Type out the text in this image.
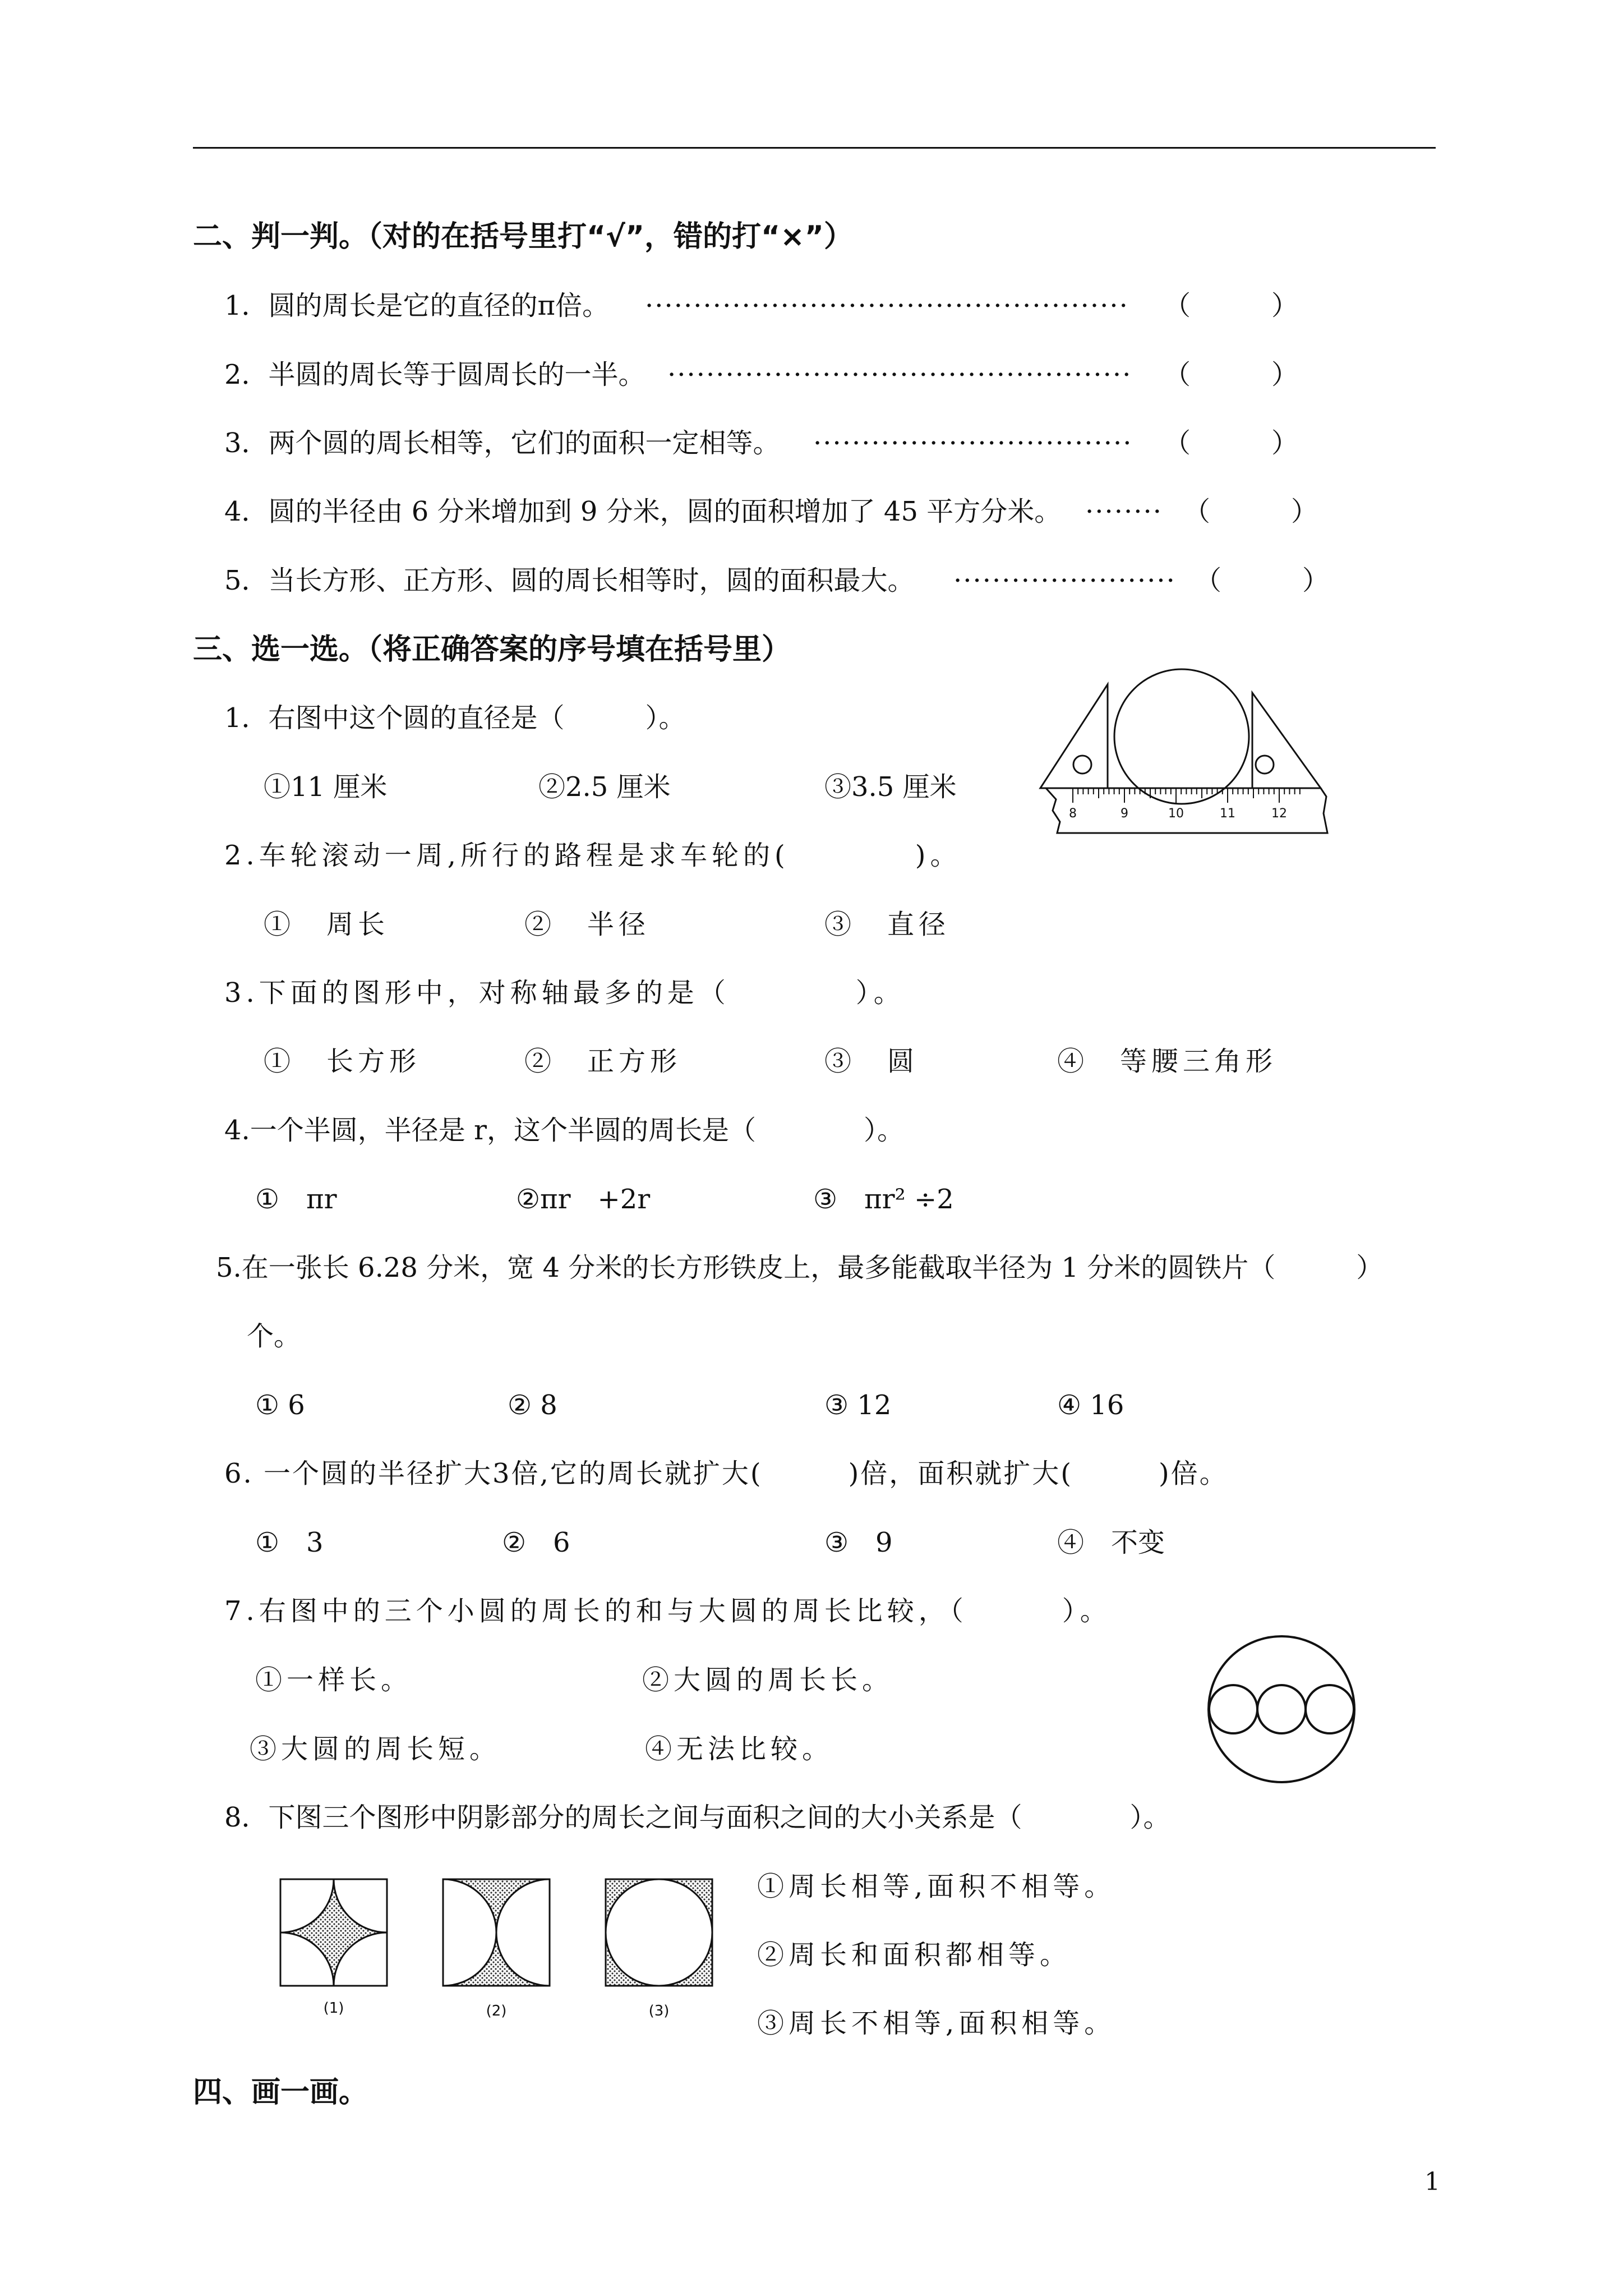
二、判一判。（对的在括号里打“√”，错的打“×”）
1．圆的周长是它的直径的π倍。 ·················································· （　　　）
2．半圆的周长等于圆周长的一半。 ················································ （　　　）
3．两个圆的周长相等，它们的面积一定相等。 ································· （　　　）
4．圆的半径由 6 分米增加到 9 分米，圆的面积增加了 45 平方分米。 ········ （　　　）
5．当长方形、正方形、圆的周长相等时，圆的面积最大。 ······················· （　　　）
三、选一选。（将正确答案的序号填在括号里）
1．右图中这个圆的直径是（　　　）。
①11 厘米	②2.5 厘米	③3.5 厘米
8	9	10	11	12
2.车轮滚动一周,所行的路程是求车轮的(　　　　)。
①　周长	②　半径	③　直径
3.下面的图形中，对称轴最多的是（　　　　）。
①　长方形	②　正方形	③　圆	④　等腰三角形
4.一个半圆，半径是 r，这个半圆的周长是（　　　　）。
①　πr	②πr　+2r	③　πr² ÷2
5.在一张长 6.28 分米，宽 4 分米的长方形铁皮上，最多能截取半径为 1 分米的圆铁片（　　　）
个。
① 6	② 8	③ 12	④ 16
6. 一个圆的半径扩大3倍,它的周长就扩大(　　　)倍，面积就扩大(　　　)倍。
①　3	②　6	③　9	④　不变
7.右图中的三个小圆的周长的和与大圆的周长比较，（　　　）。
①一样长。	②大圆的周长长。
③大圆的周长短。	④无法比较。
8．下图三个图形中阴影部分的周长之间与面积之间的大小关系是（　　　　）。
(1)	(2)	(3)
①周长相等,面积不相等。
②周长和面积都相等。
③周长不相等,面积相等。
四、画一画。
1
